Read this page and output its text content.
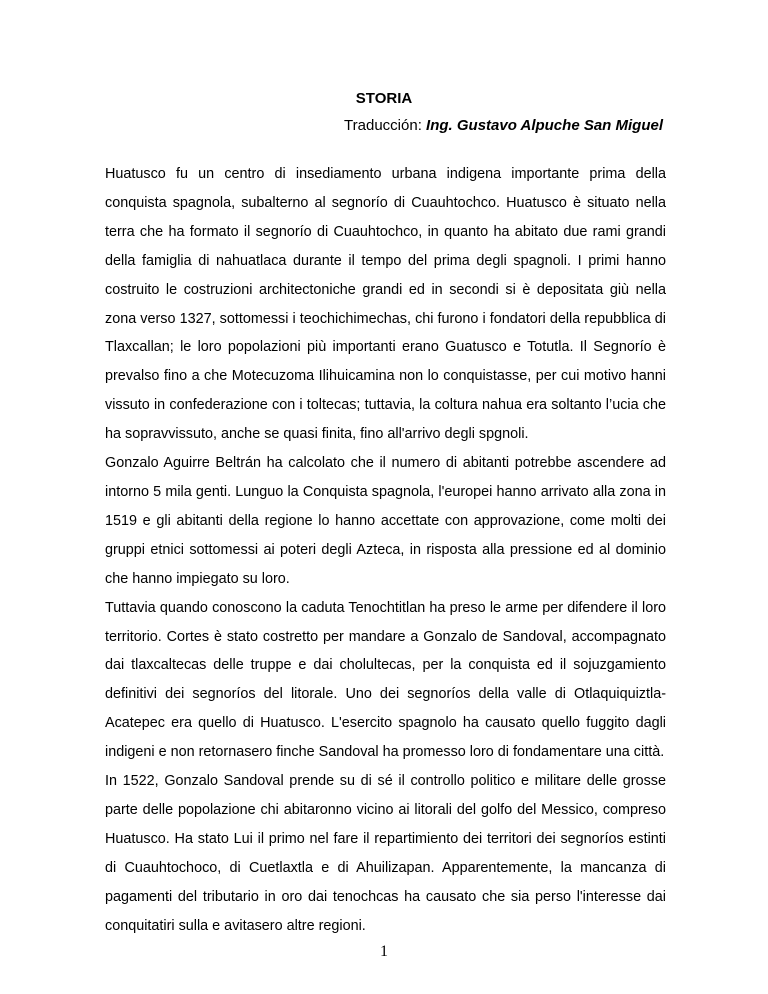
STORIA

Traducción: Ing. Gustavo Alpuche San Miguel

Huatusco fu un centro di insediamento urbana indigena importante prima della conquista spagnola, subalterno al segnorío di Cuauhtochco. Huatusco è situato nella terra che ha formato il segnorío di Cuauhtochco, in quanto ha abitato due rami grandi della famiglia di nahuatlaca durante il tempo del prima degli spagnoli. I primi hanno costruito le costruzioni architectoniche grandi ed in secondi si è depositata giù nella zona verso 1327, sottomessi i teochichimechas, chi furono i fondatori della repubblica di Tlaxcallan; le loro popolazioni più importanti erano Guatusco e Totutla. Il Segnorío è prevalso fino a che Motecuzoma Ilihuicamina non lo conquistasse, per cui motivo hanni vissuto in confederazione con i toltecas; tuttavia, la coltura nahua era soltanto l’ucia che ha sopravvissuto, anche se quasi finita, fino all'arrivo degli spgnoli.

Gonzalo Aguirre Beltrán ha calcolato che il numero di abitanti potrebbe ascendere ad intorno 5 mila genti. Lunguo la Conquista spagnola, l'europei hanno arrivato alla zona in 1519 e gli abitanti della regione lo hanno accettate con approvazione, come molti dei gruppi etnici sottomessi ai poteri degli Azteca, in risposta alla pressione ed al dominio che hanno impiegato su loro.

Tuttavia quando conoscono la caduta Tenochtitlan ha preso le arme per difendere il loro territorio. Cortes è stato costretto per mandare a Gonzalo de Sandoval, accompagnato dai tlaxcaltecas delle truppe e dai cholultecas, per la conquista ed il sojuzgamiento definitivi dei segnoríos del litorale. Uno dei segnoríos della valle di Otlaquiquiztla-Acatepec era quello di Huatusco. L'esercito spagnolo ha causato quello fuggito dagli indigeni e non retornasero finche Sandoval ha promesso loro di fondamentare una città.

In 1522, Gonzalo Sandoval prende su di sé il controllo politico e militare delle grosse parte delle popolazione chi abitaronno vicino ai litorali del golfo del Messico, compreso Huatusco. Ha stato Lui il primo nel fare il repartimiento dei territori dei segnoríos estinti di Cuauhtochoco, di Cuetlaxtla e di Ahuilizapan. Apparentemente, la mancanza di pagamenti del tributario in oro dai tenochcas ha causato che sia perso l'interesse dai conquitatiri sulla e avitasero altre regioni.

1
